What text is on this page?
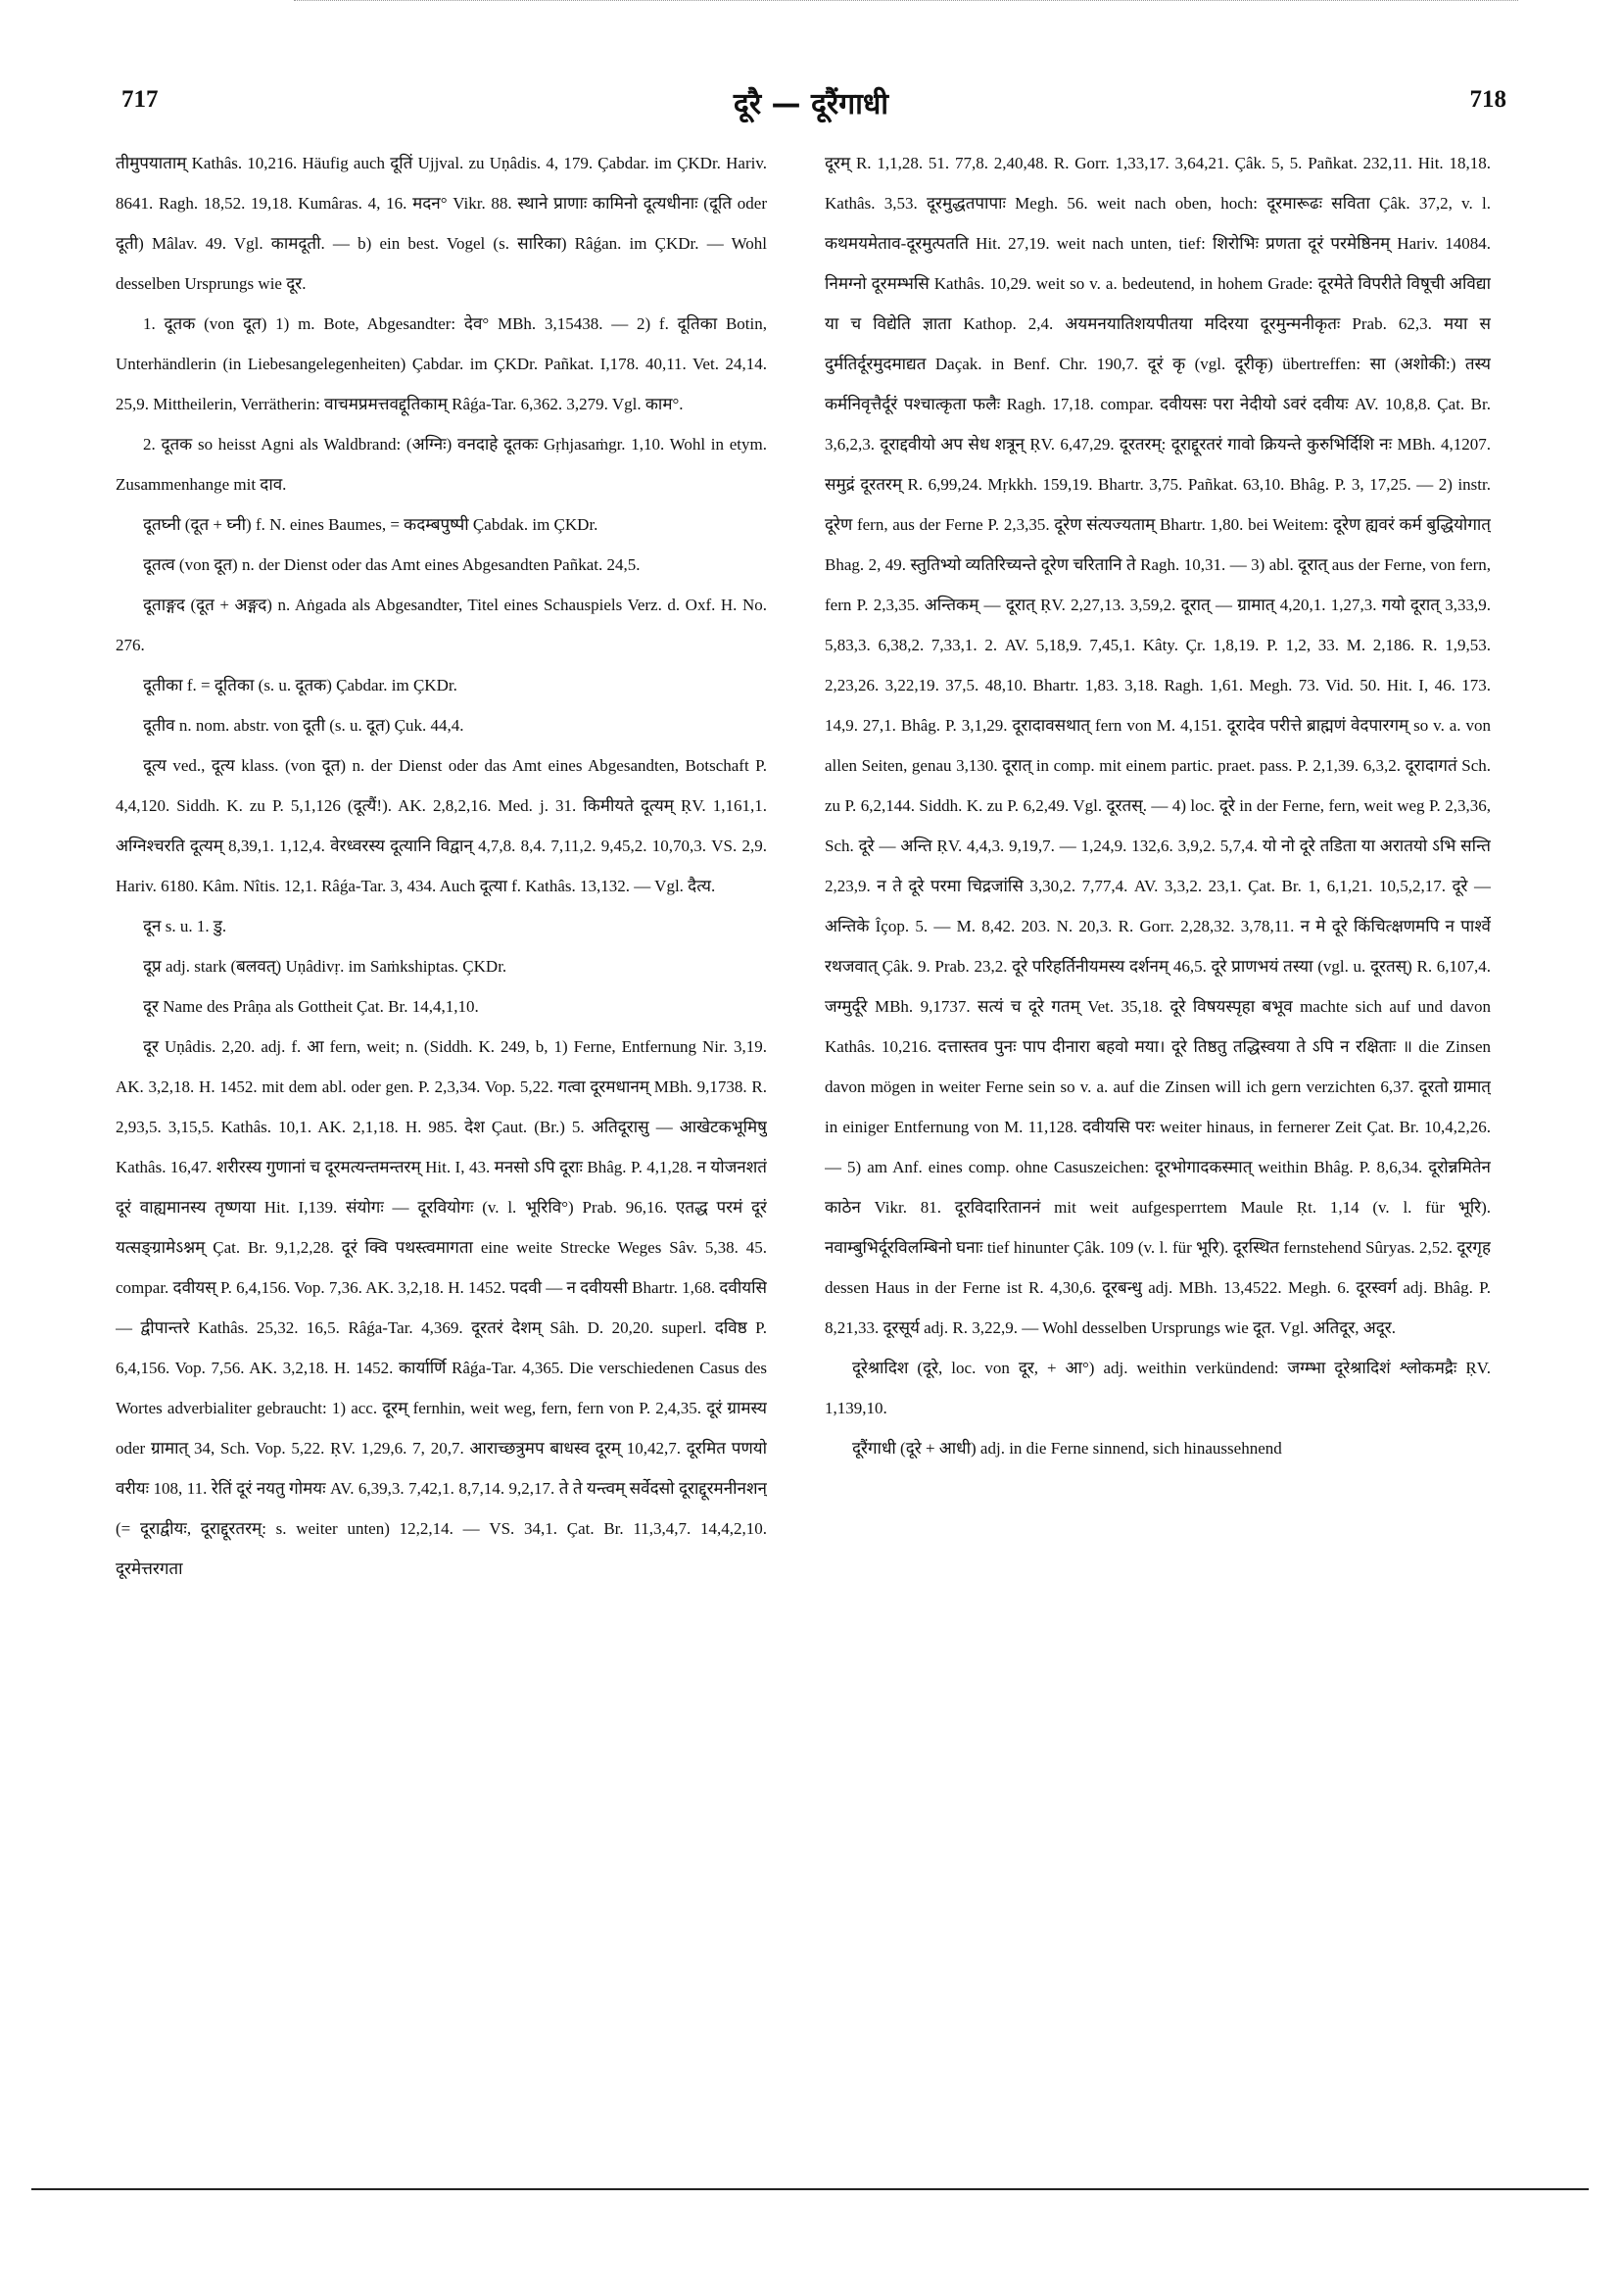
717	दूरै — दूरैंगाधी	718

तीमुपयाताम् Kathâs. 10,216. Häufig auch दूतिं Ujjval. zu Uṇâdis. 4, 179. Çabdar. im ÇKDr. Hariv. 8641. Ragh. 18,52. 19,18. Kumâras. 4, 16. मदन° Vikr. 88. स्थाने प्राणाः कामिनो दूत्यधीनाः (दूति oder दूती) Mâlav. 49. Vgl. कामदूती. — b) ein best. Vogel (s. सारिका) Râǵan. im ÇKDr. — Wohl desselben Ursprungs wie दूर.

1. दूतक (von दूत) 1) m. Bote, Abgesandter: देव° MBh. 3,15438. — 2) f. दूतिका Botin, Unterhändlerin (in Liebesangelegenheiten) Çabdar. im ÇKDr. Pañkat. I,178. 40,11. Vet. 24,14. 25,9. Mittheilerin, Verrätherin: वाचमप्रमत्तवद्दूतिकाम् Râǵa-Tar. 6,362. 3,279. Vgl. काम°.

2. दूतक so heisst Agni als Waldbrand: (अग्निः) वनदाहे दूतकः Gṛhjasaṁgr. 1,10. Wohl in etym. Zusammenhange mit दाव.

दूतघ्नी (दूत + घ्नी) f. N. eines Baumes, = कदम्बपुष्पी Çabdak. im ÇKDr.

दूतत्व (von दूत) n. der Dienst oder das Amt eines Abgesandten Pañkat. 24,5.

दूताङ्गद (दूत + अङ्गद) n. Aṅgada als Abgesandter, Titel eines Schauspiels Verz. d. Oxf. H. No. 276.

दूतीका f. = दूतिका (s. u. दूतक) Çabdar. im ÇKDr.

दूतीव n. nom. abstr. von दूती (s. u. दूत) Çuk. 44,4.

दूत्य ved., दूत्य klass. (von दूत) n. der Dienst oder das Amt eines Abgesandten, Botschaft P. 4,4,120. Siddh. K. zu P. 5,1,126 (दूत्यैं!). AK. 2,8,2,16. Med. j. 31. किमीयते दूत्यम् ṚV. 1,161,1. अग्निश्चरति दूत्यम् 8,39,1. 1,12,4. वेरध्वरस्य दूत्यानि विद्वान् 4,7,8. 8,4. 7,11,2. 9,45,2. 10,70,3. VS. 2,9. Hariv. 6180. Kâm. Nîtis. 12,1. Râǵa-Tar. 3, 434. Auch दूत्या f. Kathâs. 13,132. — Vgl. दैत्य.

दून s. u. 1. डु.

दूप्र adj. stark (बलवत्) Uṇâdivṛ. im Saṁkshiptas. ÇKDr.

दूर Name des Prâṇa als Gottheit Çat. Br. 14,4,1,10.

दूर Uṇâdis. 2,20. adj. f. आ fern, weit; n. (Siddh. K. 249, b, 1) Ferne, Entfernung Nir. 3,19. AK. 3,2,18. H. 1452. mit dem abl. oder gen. P. 2,3,34. Vop. 5,22. गत्वा दूरमधानम् MBh. 9,1738. R. 2,93,5. 3,15,5. Kathâs. 10,1. AK. 2,1,18. H. 985. देश Çaut. (Br.) 5. अतिदूरासु — आखेटकभूमिषु Kathâs. 16,47. शरीरस्य गुणानां च दूरमत्यन्तमन्तरम् Hit. I, 43. मनसो ऽपि दूराः Bhâg. P. 4,1,28. न योजनशतं दूरं वाह्यमानस्य तृष्णया Hit. I,139. संयोगः — दूरवियोगः (v. l. भूरिवि°) Prab. 96,16. एतद्ध परमं दूरं यत्सङ्ग्रामेऽश्नम् Çat. Br. 9,1,2,28. दूरं क्वि पथस्त्वमागता eine weite Strecke Weges Sâv. 5,38. 45. compar. दवीयस् P. 6,4,156. Vop. 7,36. AK. 3,2,18. H. 1452. पदवी — न दवीयसी Bhartr. 1,68. दवीयसि — द्वीपान्तरे Kathâs. 25,32. 16,5. Râǵa-Tar. 4,369. दूरतरं देशम् Sâh. D. 20,20. superl. दविष्ठ P. 6,4,156. Vop. 7,56. AK. 3,2,18. H. 1452. कार्यार्णि Râǵa-Tar. 4,365. Die verschiedenen Casus des Wortes adverbialiter gebraucht: 1) acc. दूरम् fernhin, weit weg, fern, fern von P. 2,4,35. दूरं ग्रामस्य oder ग्रामात् 34, Sch. Vop. 5,22. ṚV. 1,29,6. 7, 20,7. आराच्छत्रुमप बाधस्व दूरम् 10,42,7. दूरमित पणयो वरीयः 108, 11. रेतिं दूरं नयतु गोमयः AV. 6,39,3. 7,42,1. 8,7,14. 9,2,17. ते ते यन्त्वम् सर्वेदसो दूराद्दूरमनीनशन् (= दूराद्वीयः, दूराद्दूरतरम्: s. weiter unten) 12,2,14. — VS. 34,1. Çat. Br. 11,3,4,7. 14,4,2,10. दूरमेत्तरगता

दूरम् R. 1,1,28. 51. 77,8. 2,40,48. R. Gorr. 1,33,17. 3,64,21. Çâk. 5, 5. Pañkat. 232,11. Hit. 18,18. Kathâs. 3,53. दूरमुद्धतपापाः Megh. 56. weit nach oben, hoch: दूरमारूढः सविता Çâk. 37,2, v. l. कथमयमेताव-दूरमुत्पतति Hit. 27,19. weit nach unten, tief: शिरोभिः प्रणता दूरं परमेष्ठिनम् Hariv. 14084. निमग्नो दूरमम्भसि Kathâs. 10,29. weit so v. a. bedeutend, in hohem Grade: दूरमेते विपरीते विषूची अविद्या या च विद्येति ज्ञाता Kathop. 2,4. अयमनयातिशयपीतया मदिरया दूरमुन्मनीकृतः Prab. 62,3. मया स दुर्मतिर्दूरमुदमाद्यत Daçak. in Benf. Chr. 190,7. दूरं कृ (vgl. दूरीकृ) übertreffen: सा (अशोकी:) तस्य कर्मनिवृत्तैर्दूरं पश्चात्कृता फलैः Ragh. 17,18. compar. दवीयसः परा नेदीयो ऽवरं दवीयः AV. 10,8,8. Çat. Br. 3,6,2,3. दूराद्दवीयो अप सेध शत्रून् ṚV. 6,47,29. दूरतरम्: दूराद्दूरतरं गावो क्रियन्ते कुरुभिर्दिशि नः MBh. 4,1207. समुद्रं दूरतरम् R. 6,99,24. Mṛkkh. 159,19. Bhartr. 3,75. Pañkat. 63,10. Bhâg. P. 3, 17,25. — 2) instr. दूरेण fern, aus der Ferne P. 2,3,35. दूरेण संत्यज्यताम् Bhartr. 1,80. bei Weitem: दूरेण ह्यवरं कर्म बुद्धियोगात् Bhag. 2, 49. स्तुतिभ्यो व्यतिरिच्यन्ते दूरेण चरितानि ते Ragh. 10,31. — 3) abl. दूरात् aus der Ferne, von fern, fern P. 2,3,35. अन्तिकम् — दूरात् ṚV. 2,27,13. 3,59,2. दूरात् — ग्रामात् 4,20,1. 1,27,3. गयो दूरात् 3,33,9. 5,83,3. 6,38,2. 7,33,1. 2. AV. 5,18,9. 7,45,1. Kâty. Çr. 1,8,19. P. 1,2, 33. M. 2,186. R. 1,9,53. 2,23,26. 3,22,19. 37,5. 48,10. Bhartr. 1,83. 3,18. Ragh. 1,61. Megh. 73. Vid. 50. Hit. I, 46. 173. 14,9. 27,1. Bhâg. P. 3,1,29. दूरादावसथात् fern von M. 4,151. दूरादेव परीत्ते ब्राह्मणं वेदपारगम् so v. a. von allen Seiten, genau 3,130. दूरात् in comp. mit einem partic. praet. pass. P. 2,1,39. 6,3,2. दूरादागतं Sch. zu P. 6,2,144. Siddh. K. zu P. 6,2,49. Vgl. दूरतस्. — 4) loc. दूरे in der Ferne, fern, weit weg P. 2,3,36, Sch. दूरे — अन्ति ṚV. 4,4,3. 9,19,7. — 1,24,9. 132,6. 3,9,2. 5,7,4. यो नो दूरे तडिता या अरातयो ऽभि सन्ति 2,23,9. न ते दूरे परमा चिद्रजांसि 3,30,2. 7,77,4. AV. 3,3,2. 23,1. Çat. Br. 1, 6,1,21. 10,5,2,17. दूरे — अन्तिके Îçop. 5. — M. 8,42. 203. N. 20,3. R. Gorr. 2,28,32. 3,78,11. न मे दूरे किंचित्क्षणमपि न पार्श्वे रथजवात् Çâk. 9. Prab. 23,2. दूरे परिहर्तिनीयमस्य दर्शनम् 46,5. दूरे प्राणभयं तस्या (vgl. u. दूरतस्) R. 6,107,4. जग्मुर्दूरे MBh. 9,1737. सत्यं च दूरे गतम् Vet. 35,18. दूरे विषयस्पृहा बभूव machte sich auf und davon Kathâs. 10,216. दत्तास्तव पुनः पाप दीनारा बहवो मया। दूरे तिष्ठतु तद्धिस्वया ते ऽपि न रक्षिताः ॥ die Zinsen davon mögen in weiter Ferne sein so v. a. auf die Zinsen will ich gern verzichten 6,37. दूरतो ग्रामात् in einiger Entfernung von M. 11,128. दवीयसि परः weiter hinaus, in fernerer Zeit Çat. Br. 10,4,2,26. — 5) am Anf. eines comp. ohne Casuszeichen: दूरभोगादकस्मात् weithin Bhâg. P. 8,6,34. दूरोन्नमितेन काठेन Vikr. 81. दूरविदारिताननं mit weit aufgesperrtem Maule Ṛt. 1,14 (v. l. für भूरि). नवाम्बुभिर्दूरविलम्बिनो घनाः tief hinunter Çâk. 109 (v. l. für भूरि). दूरस्थित fernstehend Sûryas. 2,52. दूरगृह dessen Haus in der Ferne ist R. 4,30,6. दूरबन्धु adj. MBh. 13,4522. Megh. 6. दूरस्वर्ग adj. Bhâg. P. 8,21,33. दूरसूर्य adj. R. 3,22,9. — Wohl desselben Ursprungs wie दूत. Vgl. अतिदूर, अदूर.

दूरेश्रादिश (दूरे, loc. von दूर, + आ°) adj. weithin verkündend: जग्म्भा दूरेश्रादिशं श्लोकमद्रैः ṚV. 1,139,10.

दूरैंगाधी (दूरे + आधी) adj. in die Ferne sinnend, sich hinaussehnend
